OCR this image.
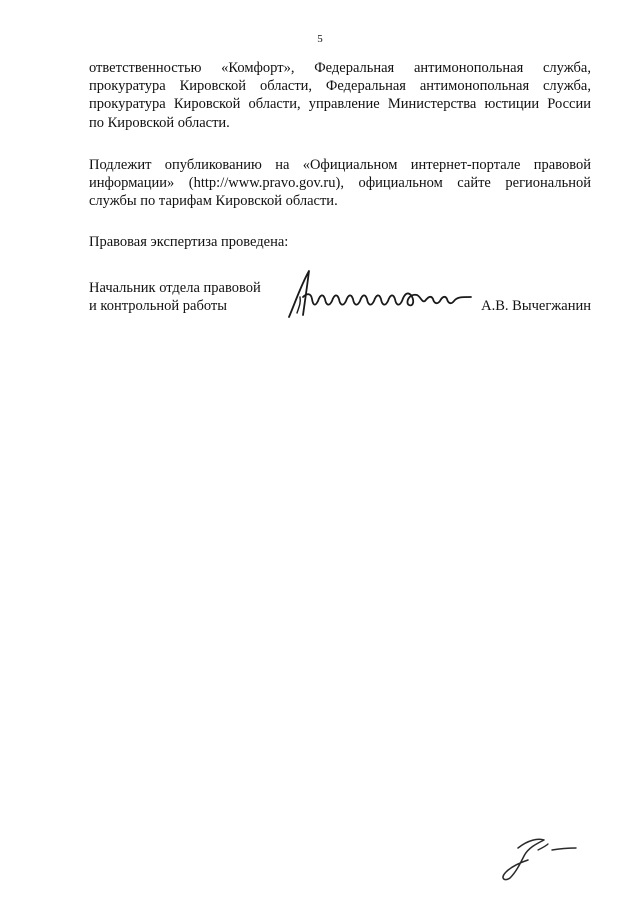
5
ответственностью «Комфорт», Федеральная антимонопольная служба,
прокуратура Кировской области, Федеральная антимонопольная служба,
прокуратура Кировской области, управление Министерства юстиции России
по Кировской области.
Подлежит опубликованию на «Официальном интернет-портале правовой
информации» (http://www.pravo.gov.ru), официальном сайте региональной
службы по тарифам Кировской области.
Правовая экспертиза проведена:
Начальник отдела правовой
и контрольной работы	А.В. Вычегжанин
